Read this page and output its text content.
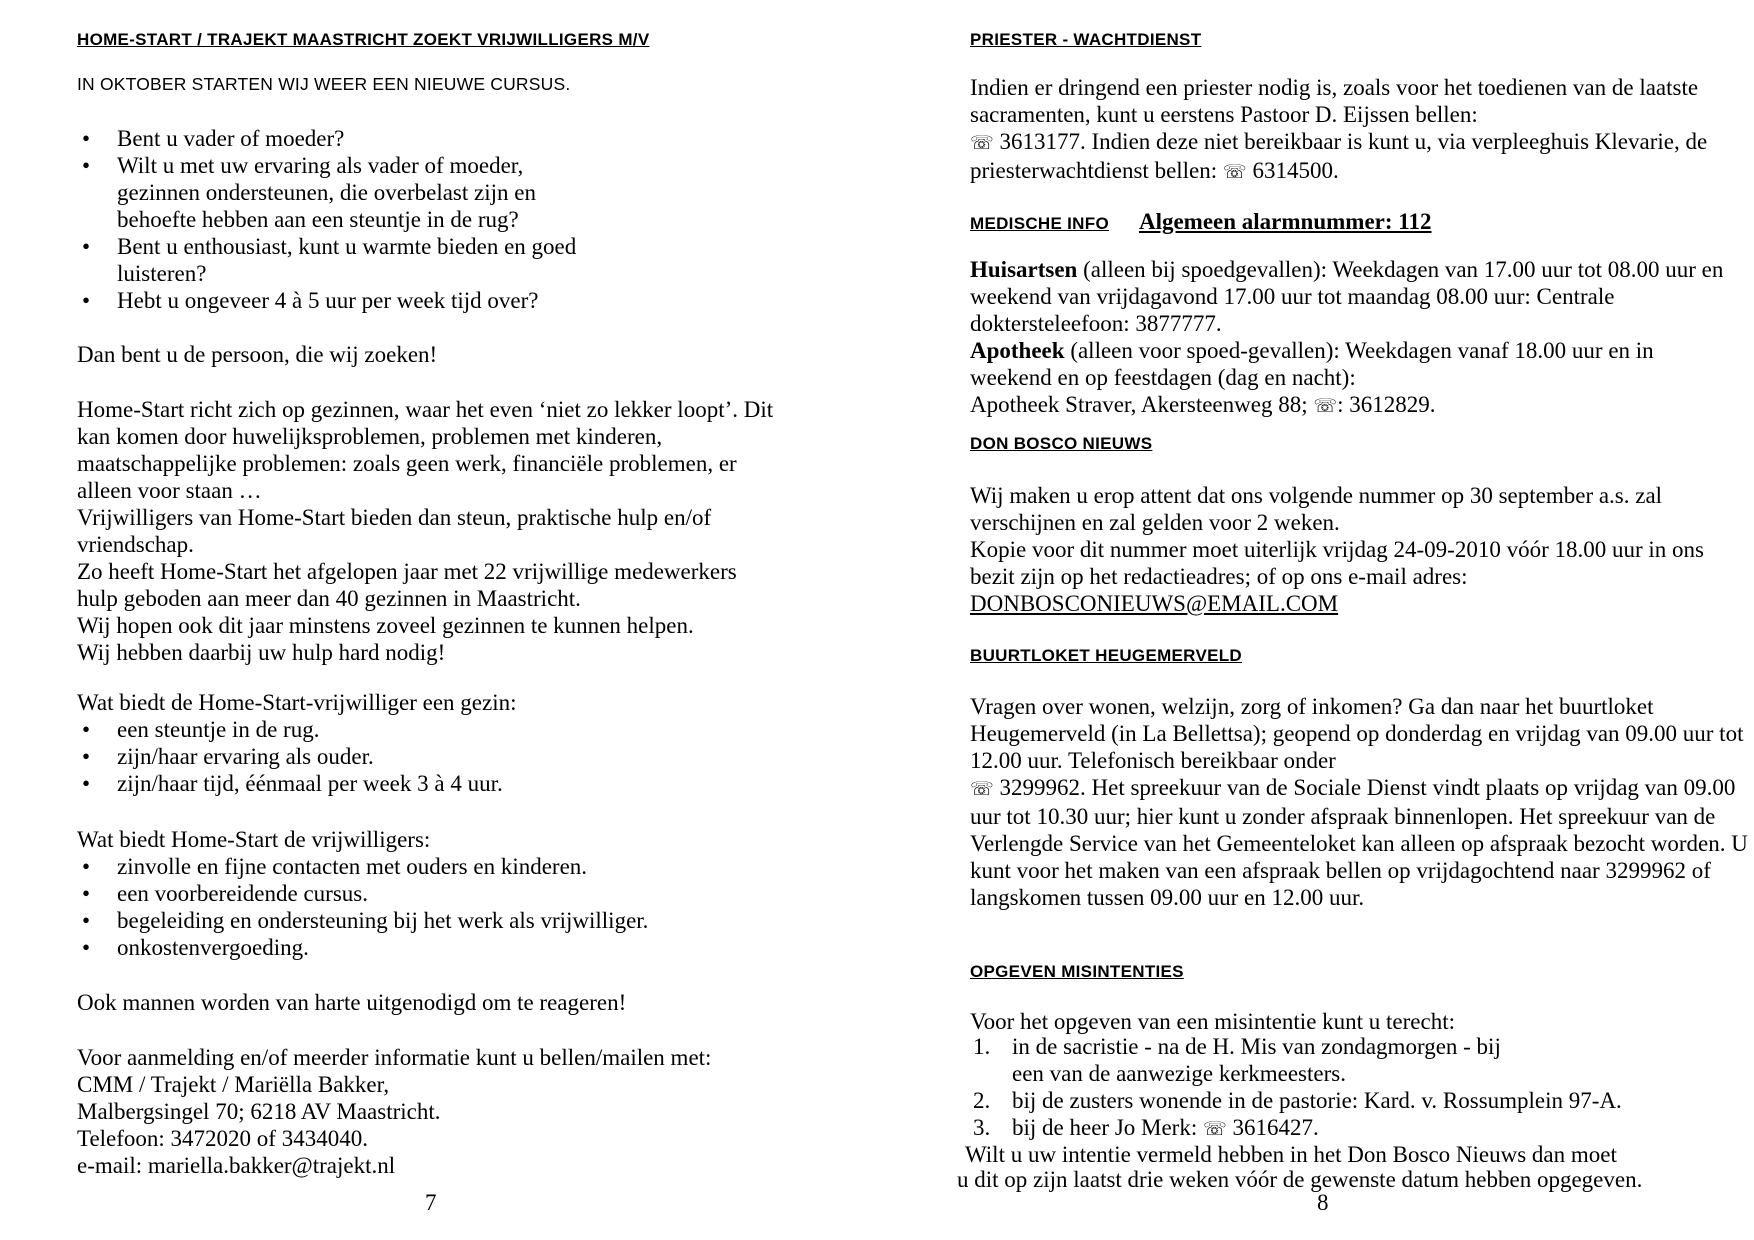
HOME-START / TRAJEKT MAASTRICHT ZOEKT VRIJWILLIGERS M/V
IN OKTOBER STARTEN WIJ WEER EEN NIEUWE CURSUS.
• Bent u vader of moeder?
• Wilt u met uw ervaring als vader of moeder, gezinnen ondersteunen, die overbelast zijn en behoefte hebben aan een steuntje in de rug?
• Bent u enthousiast, kunt u warmte bieden en goed luisteren?
• Hebt u ongeveer 4 à 5 uur per week tijd over?

Dan bent u de persoon, die wij zoeken!

Home-Start richt zich op gezinnen, waar het even ‘niet zo lekker loopt’. Dit kan komen door huwelijksproblemen, problemen met kinderen, maatschappelijke problemen: zoals geen werk, financiële problemen, er alleen voor staan …

Vrijwilligers van Home-Start bieden dan steun, praktische hulp en/of vriendschap.

Zo heeft Home-Start het afgelopen jaar met 22 vrijwillige medewerkers hulp geboden aan meer dan 40 gezinnen in Maastricht.

Wij hopen ook dit jaar minstens zoveel gezinnen te kunnen helpen.

Wij hebben daarbij uw hulp hard nodig!

Wat biedt de Home-Start-vrijwilliger een gezin:

• een steuntje in de rug.
• zijn/haar ervaring als ouder.
• zijn/haar tijd, éénmaal per week 3 à 4 uur.

Wat biedt Home-Start de vrijwilligers:

• zinvolle en fijne contacten met ouders en kinderen.
• een voorbereidende cursus.
• begeleiding en ondersteuning bij het werk als vrijwilliger.
• onkostenvergoeding.

Ook mannen worden van harte uitgenodigd om te reageren!

Voor aanmelding en/of meerder informatie kunt u bellen/mailen met:

CMM / Trajekt / Mariëlla Bakker,

Malbergsingel 70; 6218 AV Maastricht.

Telefoon: 3472020 of 3434040.

e-mail: mariella.bakker@trajekt.nl

7
PRIESTER - WACHTDIENST

Indien er dringend een priester nodig is, zoals voor het toedienen van de laatste sacramenten, kunt u eerstens Pastoor D. Eijssen bellen:
☏ 3613177. Indien deze niet bereikbaar is kunt u, via verpleeghuis Klevarie, de priesterwachtdienst bellen: ☏ 6314500.

MEDISCHE INFO Algemeen alarmnummer: 112

Huisartsen (alleen bij spoedgevallen): Weekdagen van 17.00 uur tot 08.00 uur en weekend van vrijdagavond 17.00 uur tot maandag 08.00 uur: Centrale doktersteleefoon: 3877777.

Apotheek (alleen voor spoed-gevallen): Weekdagen vanaf 18.00 uur en in weekend en op feestdagen (dag en nacht):
Apotheek Straver, Akersteenweg 88; ☏: 3612829.

DON BOSCO NIEUWS

Wij maken u erop attent dat ons volgende nummer op 30 september a.s. zal verschijnen en zal gelden voor 2 weken.

Kopie voor dit nummer moet uiterlijk vrijdag 24-09-2010 vóór 18.00 uur in ons bezit zijn op het redactieadres; of op ons e-mail adres:

DONBOSCONIEUWS@EMAIL.COM

BUURTLOKET HEUGEMERVELD

Vragen over wonen, welzijn, zorg of inkomen? Ga dan naar het buurtloket Heugemerveld (in La Bellettsa); geopend op donderdag en vrijdag van 09.00 uur tot 12.00 uur. Telefonisch bereikbaar onder
☏ 3299962. Het spreekuur van de Sociale Dienst vindt plaats op vrijdag van 09.00 uur tot 10.30 uur; hier kunt u zonder afspraak binnenlopen. Het spreekuur van de Verlengde Service van het Gemeenteloket kan alleen op afspraak bezocht worden. U kunt voor het maken van een afspraak bellen op vrijdagochtend naar 3299962 of langskomen tussen 09.00 uur en 12.00 uur.

OPGEVEN MISINTENTIES

Voor het opgeven van een misintentie kunt u terecht:

1. in de sacristie - na de H. Mis van zondagmorgen - bij een van de aanwezige kerkmeesters.
2. bij de zusters wonende in de pastorie: Kard. v. Rossumplein 97-A.
3. bij de heer Jo Merk: ☏ 3616427.

Wilt u uw intentie vermeld hebben in het Don Bosco Nieuws dan moet

u dit op zijn laatst drie weken vóór de gewenste datum hebben opgegeven.

8
